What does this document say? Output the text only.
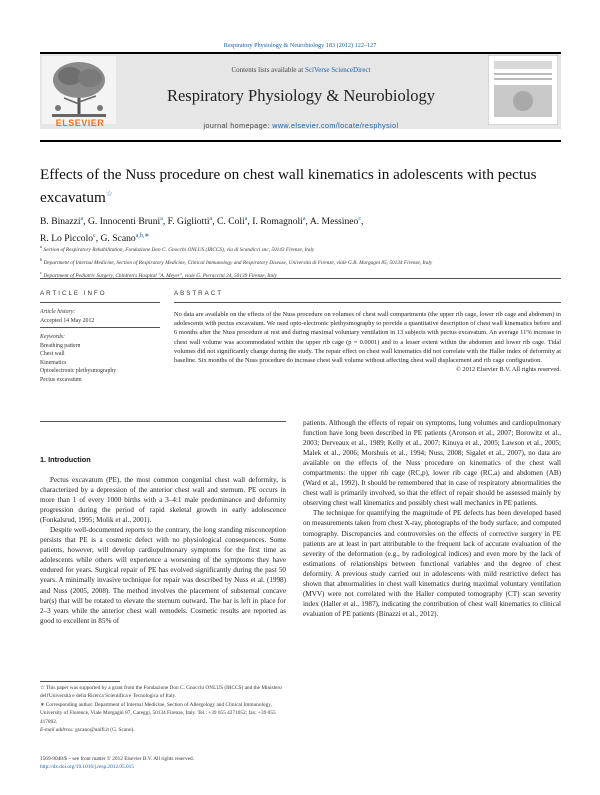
Respiratory Physiology & Neurobiology 183 (2012) 122–127
ELSEVIER
Contents lists available at SciVerse ScienceDirect
Respiratory Physiology & Neurobiology
journal homepage: www.elsevier.com/locate/resphysiol
Effects of the Nuss procedure on chest wall kinematics in adolescents with pectus excavatum☆
B. Binazzi$^a$, G. Innocenti Bruni$^a$, F. Gigliotti$^a$, C. Coli$^a$, I. Romagnoli$^a$, A. Messineo$^c$,
R. Lo Piccolo$^c$, G. Scano$^{a,b,∗}$
$^a$ Section of Respiratory Rehabilitation, Fondazione Don C. Gnocchi ONLUS (IRCCS), via di Scandicci snc, 50143 Firenze, Italy
$^b$ Department of Internal Medicine, Section of Respiratory Medicine, Clinical Immunology and Respiratory Disease, Università di Firenze, viale G.B. Morgagni 85, 50134 Firenze, Italy
$^c$ Department of Pediatric Surgery, Children's Hospital "A. Meyer", viale G. Pieraccini 24, 50139 Firenze, Italy
ARTICLE INFO
Article history:
Accepted 14 May 2012
Keywords:
Breathing pattern
Chest wall
Kinematics
Optoelectronic plethysmography
Pectus excavatum
ABSTRACT
No data are available on the effects of the Nuss procedure on volumes of chest wall compartments (the upper rib cage, lower rib cage and abdomen) in adolescents with pectus excavatum. We used opto-electronic plethysmography to provide a quantitative description of chest wall kinematics before and 6 months after the Nuss procedure at rest and during maximal voluntary ventilation in 13 subjects with pectus excavatum. An average 11% increase in chest wall volume was accommodated within the upper rib cage (p = 0.0001) and to a lesser extent within the abdomen and lower rib cage. Tidal volumes did not significantly change during the study. The repair effect on chest wall kinematics did not correlate with the Haller index of deformity at baseline. Six months of the Nuss procedure do increase chest wall volume without affecting chest wall displacement and rib cage configuration.
© 2012 Elsevier B.V. All rights reserved.
1. Introduction

Pectus excavatum (PE), the most common congenital chest wall deformity, is characterized by a depression of the anterior chest wall and sternum. PE occurs in more than 1 of every 1000 births with a 3–4:1 male predominance and deformity progression during the period of rapid skeletal growth in early adolescence (Fonkalsrud, 1995; Molik et al., 2001).

Despite well-documented reports to the contrary, the long standing misconception persists that PE is a cosmetic defect with no physiological consequences. Some patients, however, will develop cardiopulmonary symptoms for the first time as adolescents while others will experience a worsening of the symptoms they have endured for years. Surgical repair of PE has evolved significantly during the past 50 years. A minimally invasive technique for repair was described by Nuss et al. (1998) and Nuss (2005, 2008). The method involves the placement of substernal concave bar(s) that will be rotated to elevate the sternum outward. The bar is left in place for 2–3 years while the anterior chest wall remodels. Cosmetic results are reported as good to excellent in 85% of

patients. Although the effects of repair on symptoms, lung volumes and cardiopulmonary function have long been described in PE patients (Aronson et al., 2007; Borowitz et al., 2003; Derveaux et al., 1989; Kelly et al., 2007; Kinuya et al., 2005; Lawson et al., 2005; Malek et al., 2006; Morshuis et al., 1994; Nuss, 2008; Sigalet et al., 2007), no data are available on the effects of the Nuss procedure on kinematics of the chest wall compartments: the upper rib cage (RC,p), lower rib cage (RC,a) and abdomen (AB) (Ward et al., 1992). It should be remembered that in case of respiratory abnormalities the chest wall is primarily involved, so that the effect of repair should be assessed mainly by observing chest wall kinematics and possibly chest wall mechanics in PE patients.

The technique for quantifying the magnitude of PE defects has been developed based on measurements taken from chest X-ray, photographs of the body surface, and computed tomography. Discrepancies and controversies on the effects of corrective surgery in PE patients are at least in part attributable to the frequent lack of accurate evaluation of the severity of the deformation (e.g., by radiological indices) and even more by the lack of estimations of relationships between functional variables and the degree of chest deformity. A previous study carried out in adolescents with mild restrictive defect has shown that abnormalities in chest wall kinematics during maximal voluntary ventilation (MVV) were not correlated with the Haller computed tomography (CT) scan severity index (Haller et al., 1987), indicating the contribution of chest wall kinematics to clinical evaluation of PE patients (Binazzi et al., 2012).

☆ This paper was supported by a grant from the Fondazione Don C. Gnocchi ONLUS (IRCCS) and the Ministero dell'Università e della Ricerca Scientifica e Tecnologica of Italy.
∗ Corresponding author. Department of Internal Medicine, Section of Allergology and Clinical Immunology, University of Florence, Viale Morgagni 87, Careggi, 50134 Firenze, Italy. Tel.: +39 055 4271052; fax: +39 055 417892.
E-mail address: gscano@unifi.it (G. Scano).
1569-9048/$ – see front matter © 2012 Elsevier B.V. All rights reserved.
http://dx.doi.org/10.1016/j.resp.2012.05.015
